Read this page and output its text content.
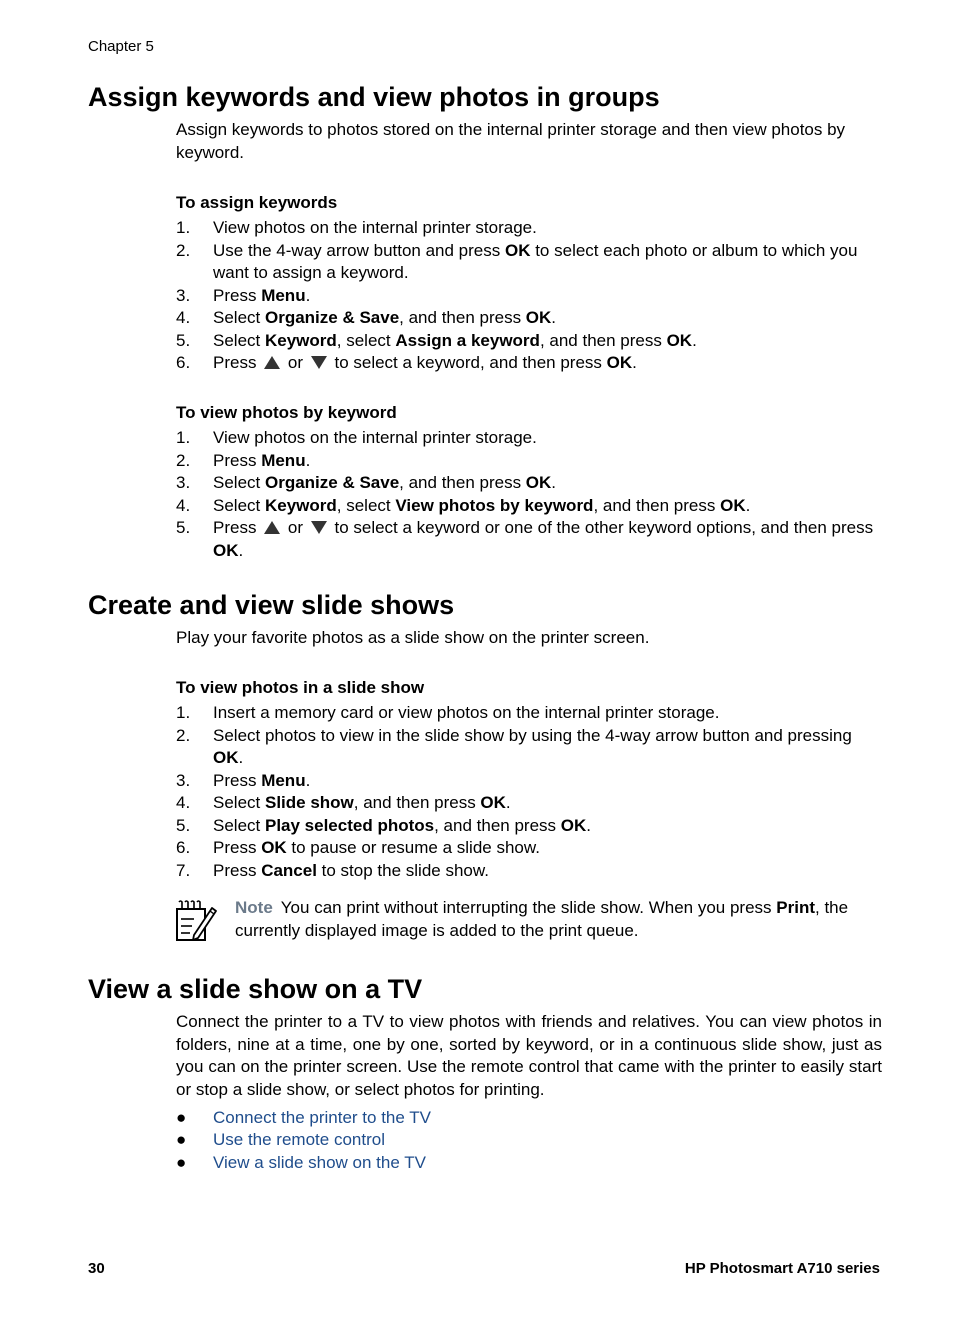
Chapter 5
Assign keywords and view photos in groups
Assign keywords to photos stored on the internal printer storage and then view photos by keyword.
To assign keywords
1. View photos on the internal printer storage.
2. Use the 4-way arrow button and press OK to select each photo or album to which you want to assign a keyword.
3. Press Menu.
4. Select Organize & Save, and then press OK.
5. Select Keyword, select Assign a keyword, and then press OK.
6. Press  or  to select a keyword, and then press OK.
To view photos by keyword
1. View photos on the internal printer storage.
2. Press Menu.
3. Select Organize & Save, and then press OK.
4. Select Keyword, select View photos by keyword, and then press OK.
5. Press  or  to select a keyword or one of the other keyword options, and then press OK.
Create and view slide shows
Play your favorite photos as a slide show on the printer screen.
To view photos in a slide show
1. Insert a memory card or view photos on the internal printer storage.
2. Select photos to view in the slide show by using the 4-way arrow button and pressing OK.
3. Press Menu.
4. Select Slide show, and then press OK.
5. Select Play selected photos, and then press OK.
6. Press OK to pause or resume a slide show.
7. Press Cancel to stop the slide show.
Note You can print without interrupting the slide show. When you press Print, the currently displayed image is added to the print queue.
View a slide show on a TV
Connect the printer to a TV to view photos with friends and relatives. You can view photos in folders, nine at a time, one by one, sorted by keyword, or in a continuous slide show, just as you can on the printer screen. Use the remote control that came with the printer to easily start or stop a slide show, or select photos for printing.
● Connect the printer to the TV
● Use the remote control
● View a slide show on the TV
30	HP Photosmart A710 series
